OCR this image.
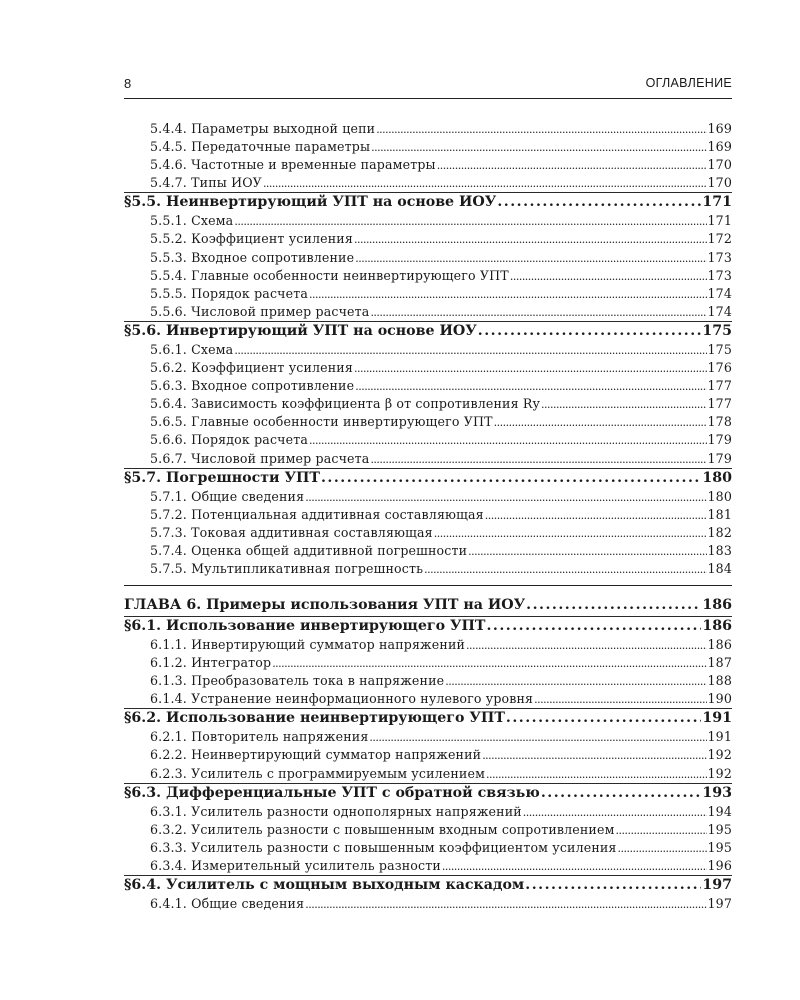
8	ОГЛАВЛЕНИЕ
5.4.4. Параметры выходной цепи .....	169
5.4.5. Передаточные параметры .....	169
5.4.6. Частотные и временные параметры .....	170
5.4.7. Типы ИОУ .....	170
§5.5. Неинвертирующий УПТ на основе ИОУ .....	171
5.5.1. Схема .....	171
5.5.2. Коэффициент усиления .....	172
5.5.3. Входное сопротивление .....	173
5.5.4. Главные особенности неинвертирующего УПТ .....	173
5.5.5. Порядок расчета .....	174
5.5.6. Числовой пример расчета .....	174
§5.6. Инвертирующий УПТ на основе ИОУ .....	175
5.6.1. Схема .....	175
5.6.2. Коэффициент усиления .....	176
5.6.3. Входное сопротивление .....	177
5.6.4. Зависимость коэффициента β от сопротивления Rу .....	177
5.6.5. Главные особенности инвертирующего УПТ .....	178
5.6.6. Порядок расчета .....	179
5.6.7. Числовой пример расчета .....	179
§5.7. Погрешности УПТ .....	180
5.7.1. Общие сведения .....	180
5.7.2. Потенциальная аддитивная составляющая .....	181
5.7.3. Токовая аддитивная составляющая .....	182
5.7.4. Оценка общей аддитивной погрешности .....	183
5.7.5. Мультипликативная погрешность .....	184
ГЛАВА 6. Примеры использования УПТ на ИОУ .....	186
§6.1. Использование инвертирующего УПТ .....	186
6.1.1. Инвертирующий сумматор напряжений .....	186
6.1.2. Интегратор .....	187
6.1.3. Преобразователь тока в напряжение .....	188
6.1.4. Устранение неинформационного нулевого уровня .....	190
§6.2. Использование неинвертирующего УПТ .....	191
6.2.1. Повторитель напряжения .....	191
6.2.2. Неинвертирующий сумматор напряжений .....	192
6.2.3. Усилитель с программируемым усилением .....	192
§6.3. Дифференциальные УПТ с обратной связью .....	193
6.3.1. Усилитель разности однополярных напряжений .....	194
6.3.2. Усилитель разности с повышенным входным сопротивлением .....	195
6.3.3. Усилитель разности с повышенным коэффициентом усиления .....	195
6.3.4. Измерительный усилитель разности .....	196
§6.4. Усилитель с мощным выходным каскадом .....	197
6.4.1. Общие сведения .....	197
